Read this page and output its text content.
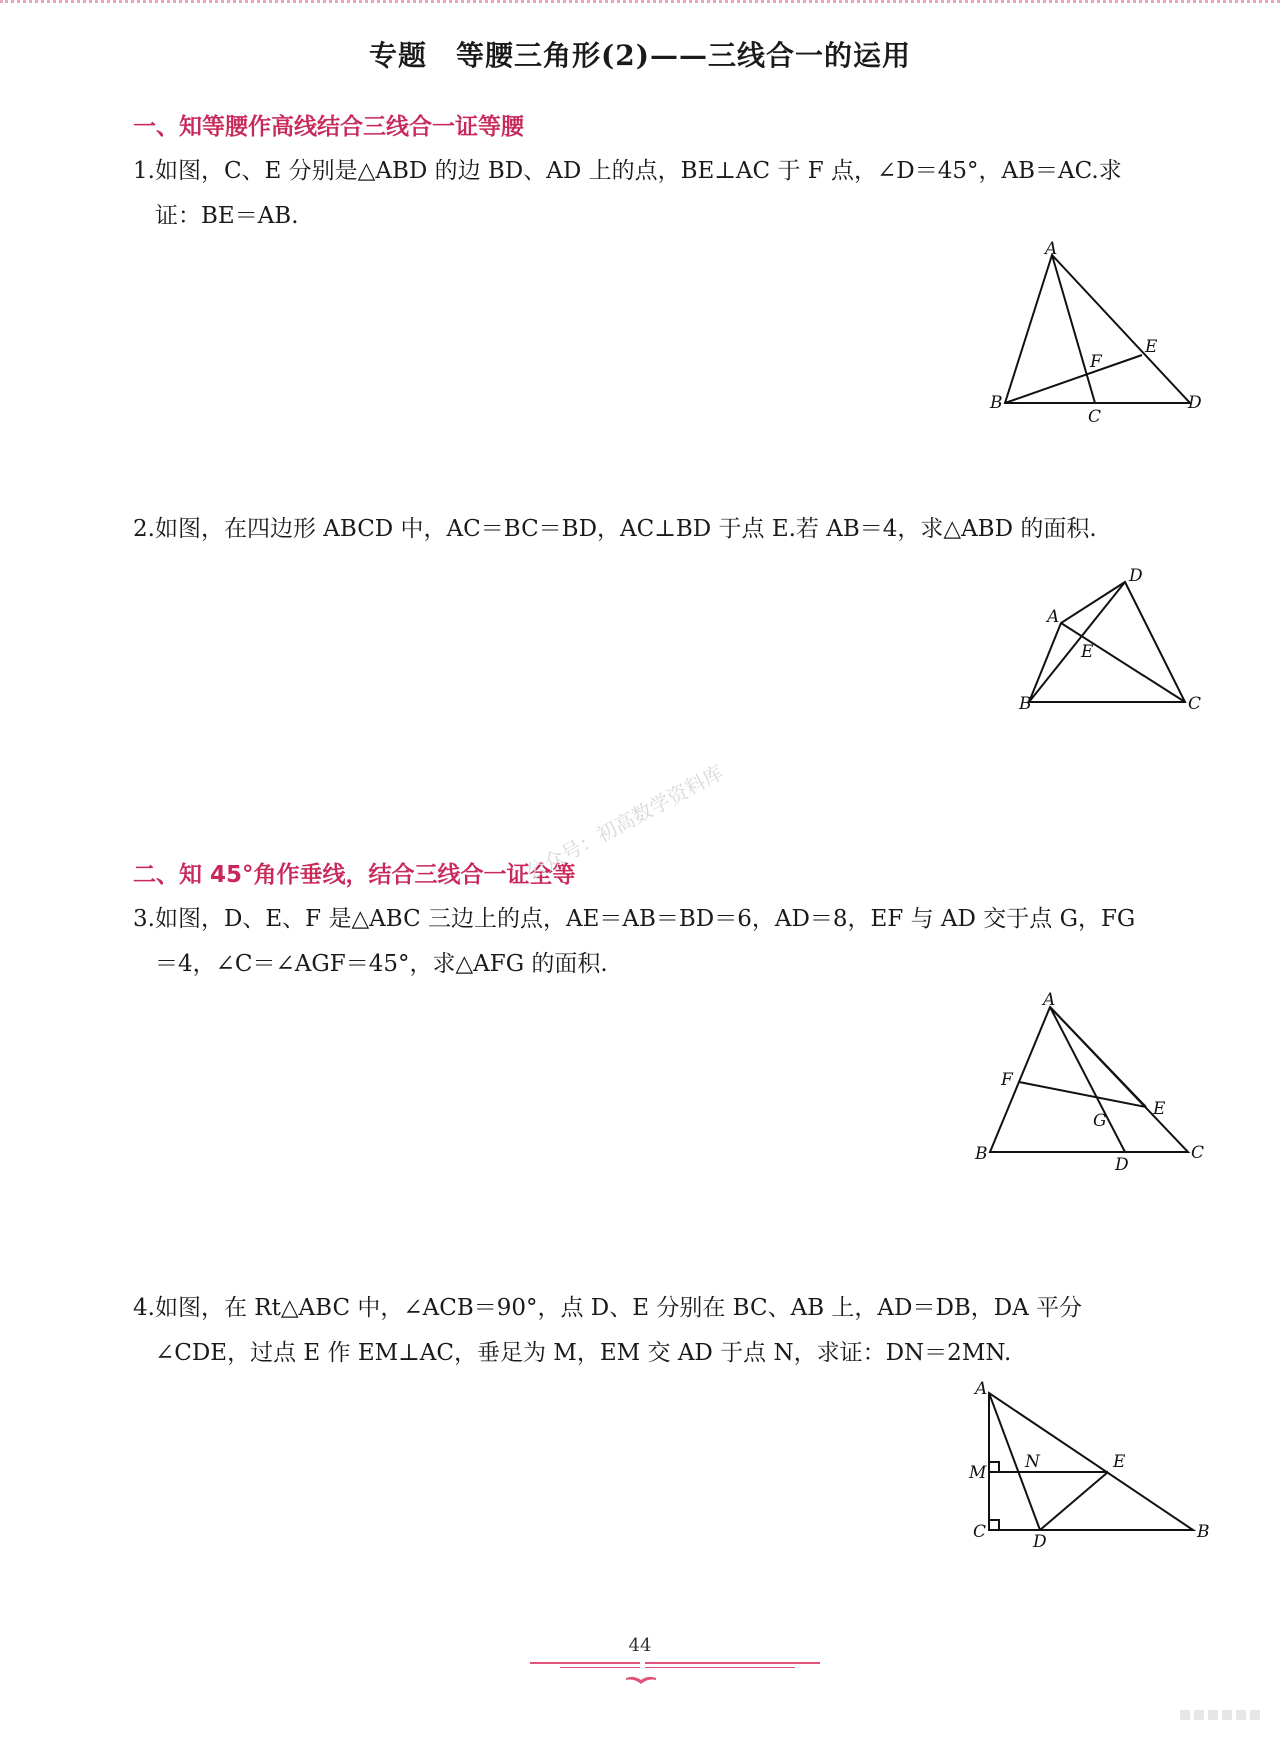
专题　等腰三角形(2)——三线合一的运用
一、知等腰作高线结合三线合一证等腰
1.如图，C、E 分别是△ABD 的边 BD、AD 上的点，BE⊥AC 于 F 点，∠D＝45°，AB＝AC.求
证：BE＝AB.
A
B
C
D
E
F
2.如图，在四边形 ABCD 中，AC＝BC＝BD，AC⊥BD 于点 E.若 AB＝4，求△ABD 的面积.
A
B	C
D
E
二、知 45°角作垂线，结合三线合一证全等
公众号：初高数学资料库
3.如图，D、E、F 是△ABC 三边上的点，AE＝AB＝BD＝6，AD＝8，EF 与 AD 交于点 G，FG
＝4，∠C＝∠AGF＝45°，求△AFG 的面积.
A
B	C
D
E
F
G
4.如图，在 Rt△ABC 中，∠ACB＝90°，点 D、E 分别在 BC、AB 上，AD＝DB，DA 平分
∠CDE，过点 E 作 EM⊥AC，垂足为 M，EM 交 AD 于点 N，求证：DN＝2MN.
A
B
C	D
E
M
N
44
